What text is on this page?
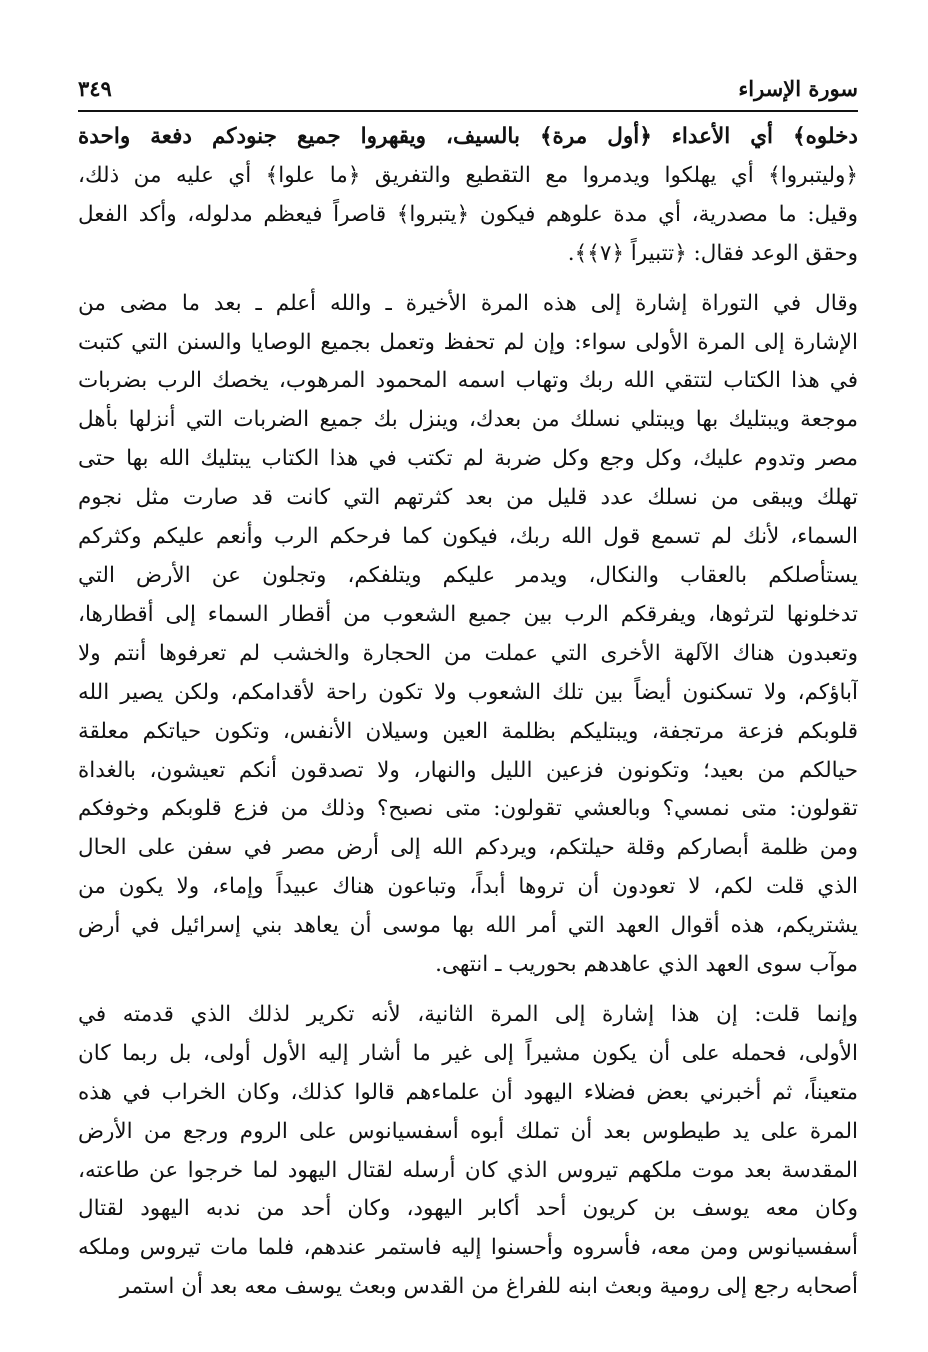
سورة الإسراء
٣٤٩
دخلوه﴾ أي الأعداء ﴿أول مرة﴾ بالسيف، ويقهروا جميع جنودكم دفعة واحدة
﴿وليتبروا﴾ أي يهلكوا ويدمروا مع التقطيع والتفريق ﴿ما علوا﴾ أي عليه من ذلك،
وقيل: ما مصدرية، أي مدة علوهم فيكون ﴿يتبروا﴾ قاصراً فيعظم مدلوله، وأكد الفعل
وحقق الوعد فقال: ﴿تتبيراً ﴿٧﴾﴾.
وقال في التوراة إشارة إلى هذه المرة الأخيرة ـ والله أعلم ـ بعد ما مضى من
الإشارة إلى المرة الأولى سواء: وإن لم تحفظ وتعمل بجميع الوصايا والسنن التي كتبت
في هذا الكتاب لتتقي الله ربك وتهاب اسمه المحمود المرهوب، يخصك الرب بضربات
موجعة ويبتليك بها ويبتلي نسلك من بعدك، وينزل بك جميع الضربات التي أنزلها بأهل
مصر وتدوم عليك، وكل وجع وكل ضربة لم تكتب في هذا الكتاب يبتليك الله بها حتى
تهلك ويبقى من نسلك عدد قليل من بعد كثرتهم التي كانت قد صارت مثل نجوم
السماء، لأنك لم تسمع قول الله ربك، فيكون كما فرحكم الرب وأنعم عليكم وكثركم
يستأصلكم بالعقاب والنكال، ويدمر عليكم ويتلفكم، وتجلون عن الأرض التي
تدخلونها لترثوها، ويفرقكم الرب بين جميع الشعوب من أقطار السماء إلى أقطارها،
وتعبدون هناك الآلهة الأخرى التي عملت من الحجارة والخشب لم تعرفوها أنتم ولا
آباؤكم، ولا تسكنون أيضاً بين تلك الشعوب ولا تكون راحة لأقدامكم، ولكن يصير الله
قلوبكم فزعة مرتجفة، ويبتليكم بظلمة العين وسيلان الأنفس، وتكون حياتكم معلقة
حيالكم من بعيد؛ وتكونون فزعين الليل والنهار، ولا تصدقون أنكم تعيشون، بالغداة
تقولون: متى نمسي؟ وبالعشي تقولون: متى نصبح؟ وذلك من فزع قلوبكم وخوفكم
ومن ظلمة أبصاركم وقلة حيلتكم، ويردكم الله إلى أرض مصر في سفن على الحال
الذي قلت لكم، لا تعودون أن تروها أبداً، وتباعون هناك عبيداً وإماء، ولا يكون من
يشتريكم، هذه أقوال العهد التي أمر الله بها موسى أن يعاهد بني إسرائيل في أرض
موآب سوى العهد الذي عاهدهم بحوريب ـ انتهى.
وإنما قلت: إن هذا إشارة إلى المرة الثانية، لأنه تكرير لذلك الذي قدمته في
الأولى، فحمله على أن يكون مشيراً إلى غير ما أشار إليه الأول أولى، بل ربما كان
متعيناً، ثم أخبرني بعض فضلاء اليهود أن علماءهم قالوا كذلك، وكان الخراب في هذه
المرة على يد طيطوس بعد أن تملك أبوه أسفسيانوس على الروم ورجع من الأرض
المقدسة بعد موت ملكهم تيروس الذي كان أرسله لقتال اليهود لما خرجوا عن طاعته،
وكان معه يوسف بن كريون أحد أكابر اليهود، وكان أحد من ندبه اليهود لقتال
أسفسيانوس ومن معه، فأسروه وأحسنوا إليه فاستمر عندهم، فلما مات تيروس وملكه
أصحابه رجع إلى رومية وبعث ابنه للفراغ من القدس وبعث يوسف معه بعد أن استمر
